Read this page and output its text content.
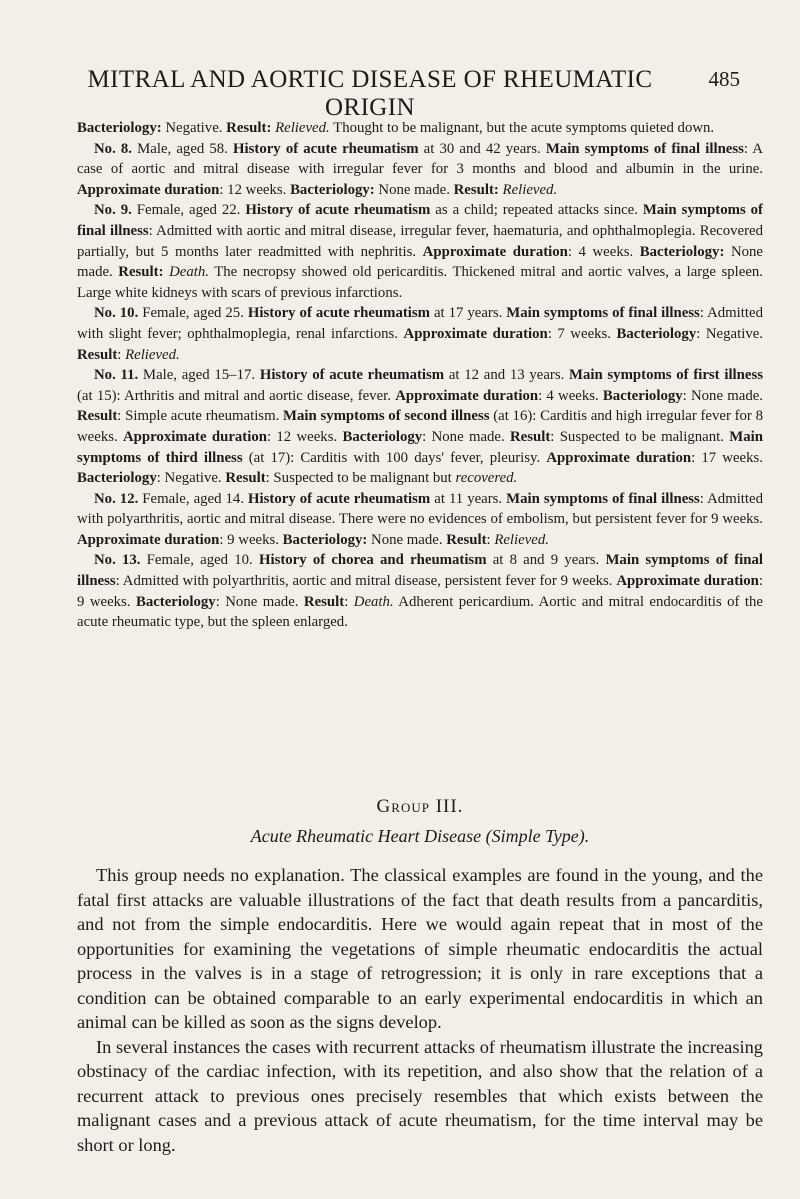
MITRAL AND AORTIC DISEASE OF RHEUMATIC ORIGIN
485

Bacteriology: Negative. Result: Relieved. Thought to be malignant, but the acute symptoms quieted down.

No. 8. Male, aged 58. History of acute rheumatism at 30 and 42 years. Main symptoms of final illness: A case of aortic and mitral disease with irregular fever for 3 months and blood and albumin in the urine. Approximate duration: 12 weeks. Bacteriology: None made. Result: Relieved.

No. 9. Female, aged 22. History of acute rheumatism as a child; repeated attacks since. Main symptoms of final illness: Admitted with aortic and mitral disease, irregular fever, haematuria, and ophthalmoplegia. Recovered partially, but 5 months later readmitted with nephritis. Approximate duration: 4 weeks. Bacteriology: None made. Result: Death. The necropsy showed old pericarditis. Thickened mitral and aortic valves, a large spleen. Large white kidneys with scars of previous infarctions.

No. 10. Female, aged 25. History of acute rheumatism at 17 years. Main symptoms of final illness: Admitted with slight fever; ophthalmoplegia, renal infarctions. Approximate duration: 7 weeks. Bacteriology: Negative. Result: Relieved.

No. 11. Male, aged 15–17. History of acute rheumatism at 12 and 13 years. Main symptoms of first illness (at 15): Arthritis and mitral and aortic disease, fever. Approximate duration: 4 weeks. Bacteriology: None made. Result: Simple acute rheumatism. Main symptoms of second illness (at 16): Carditis and high irregular fever for 8 weeks. Approximate duration: 12 weeks. Bacteriology: None made. Result: Suspected to be malignant. Main symptoms of third illness (at 17): Carditis with 100 days' fever, pleurisy. Approximate duration: 17 weeks. Bacteriology: Negative. Result: Suspected to be malignant but recovered.

No. 12. Female, aged 14. History of acute rheumatism at 11 years. Main symptoms of final illness: Admitted with polyarthritis, aortic and mitral disease. There were no evidences of embolism, but persistent fever for 9 weeks. Approximate duration: 9 weeks. Bacteriology: None made. Result: Relieved.

No. 13. Female, aged 10. History of chorea and rheumatism at 8 and 9 years. Main symptoms of final illness: Admitted with polyarthritis, aortic and mitral disease, persistent fever for 9 weeks. Approximate duration: 9 weeks. Bacteriology: None made. Result: Death. Adherent pericardium. Aortic and mitral endocarditis of the acute rheumatic type, but the spleen enlarged.

Group III.
Acute Rheumatic Heart Disease (Simple Type).

This group needs no explanation. The classical examples are found in the young, and the fatal first attacks are valuable illustrations of the fact that death results from a pancarditis, and not from the simple endocarditis. Here we would again repeat that in most of the opportunities for examining the vegetations of simple rheumatic endocarditis the actual process in the valves is in a stage of retrogression; it is only in rare exceptions that a condition can be obtained comparable to an early experimental endocarditis in which an animal can be killed as soon as the signs develop.

In several instances the cases with recurrent attacks of rheumatism illustrate the increasing obstinacy of the cardiac infection, with its repetition, and also show that the relation of a recurrent attack to previous ones precisely resembles that which exists between the malignant cases and a previous attack of acute rheumatism, for the time interval may be short or long.
